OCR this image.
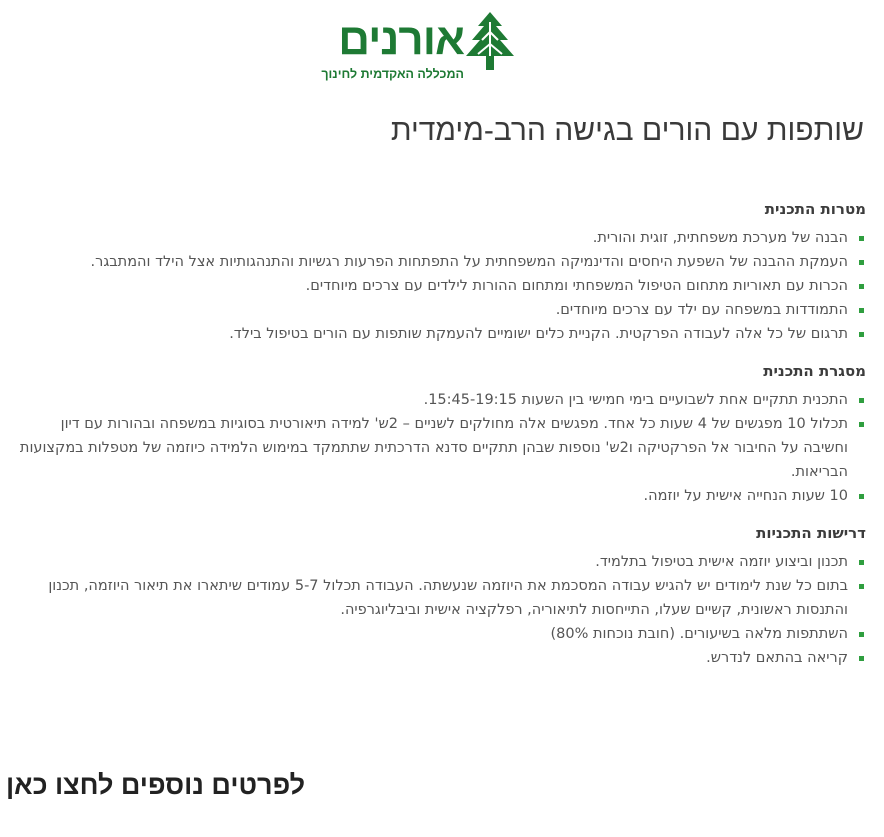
אורנים
המכללה האקדמית לחינוך
שותפות עם הורים בגישה הרב-מימדית
מטרות התכנית
הבנה של מערכת משפחתית, זוגית והורית.
העמקת ההבנה של השפעת היחסים והדינמיקה המשפחתית על התפתחות הפרעות רגשיות והתנהגותיות אצל הילד והמתבגר.
הכרות עם תאוריות מתחום הטיפול המשפחתי ומתחום ההורות לילדים עם צרכים מיוחדים.
התמודדות במשפחה עם ילד עם צרכים מיוחדים.
תרגום של כל אלה לעבודה הפרקטית. הקניית כלים ישומיים להעמקת שותפות עם הורים בטיפול בילד.
מסגרת התכנית
התכנית תתקיים אחת לשבועיים בימי חמישי בין השעות 15:45-19:15.
תכלול 10 מפגשים של 4 שעות כל אחד. מפגשים אלה מחולקים לשניים – 2ש' למידה תיאורטית בסוגיות במשפחה ובהורות עם דיון וחשיבה על החיבור אל הפרקטיקה ו2ש' נוספות שבהן תתקיים סדנא הדרכתית שתתמקד במימוש הלמידה כיוזמה של מטפלות במקצועות הבריאות.
10 שעות הנחייה אישית על יוזמה.
דרישות התכניות
תכנון וביצוע יוזמה אישית בטיפול בתלמיד.
בתום כל שנת לימודים יש להגיש עבודה המסכמת את היוזמה שנעשתה. העבודה תכלול 5-7 עמודים שיתארו את תיאור היוזמה, תכנון והתנסות ראשונית, קשיים שעלו, התייחסות לתיאוריה, רפלקציה אישית וביבליוגרפיה.
השתתפות מלאה בשיעורים. (חובת נוכחות 80%)
קריאה בהתאם לנדרש.
לפרטים נוספים לחצו כאן
